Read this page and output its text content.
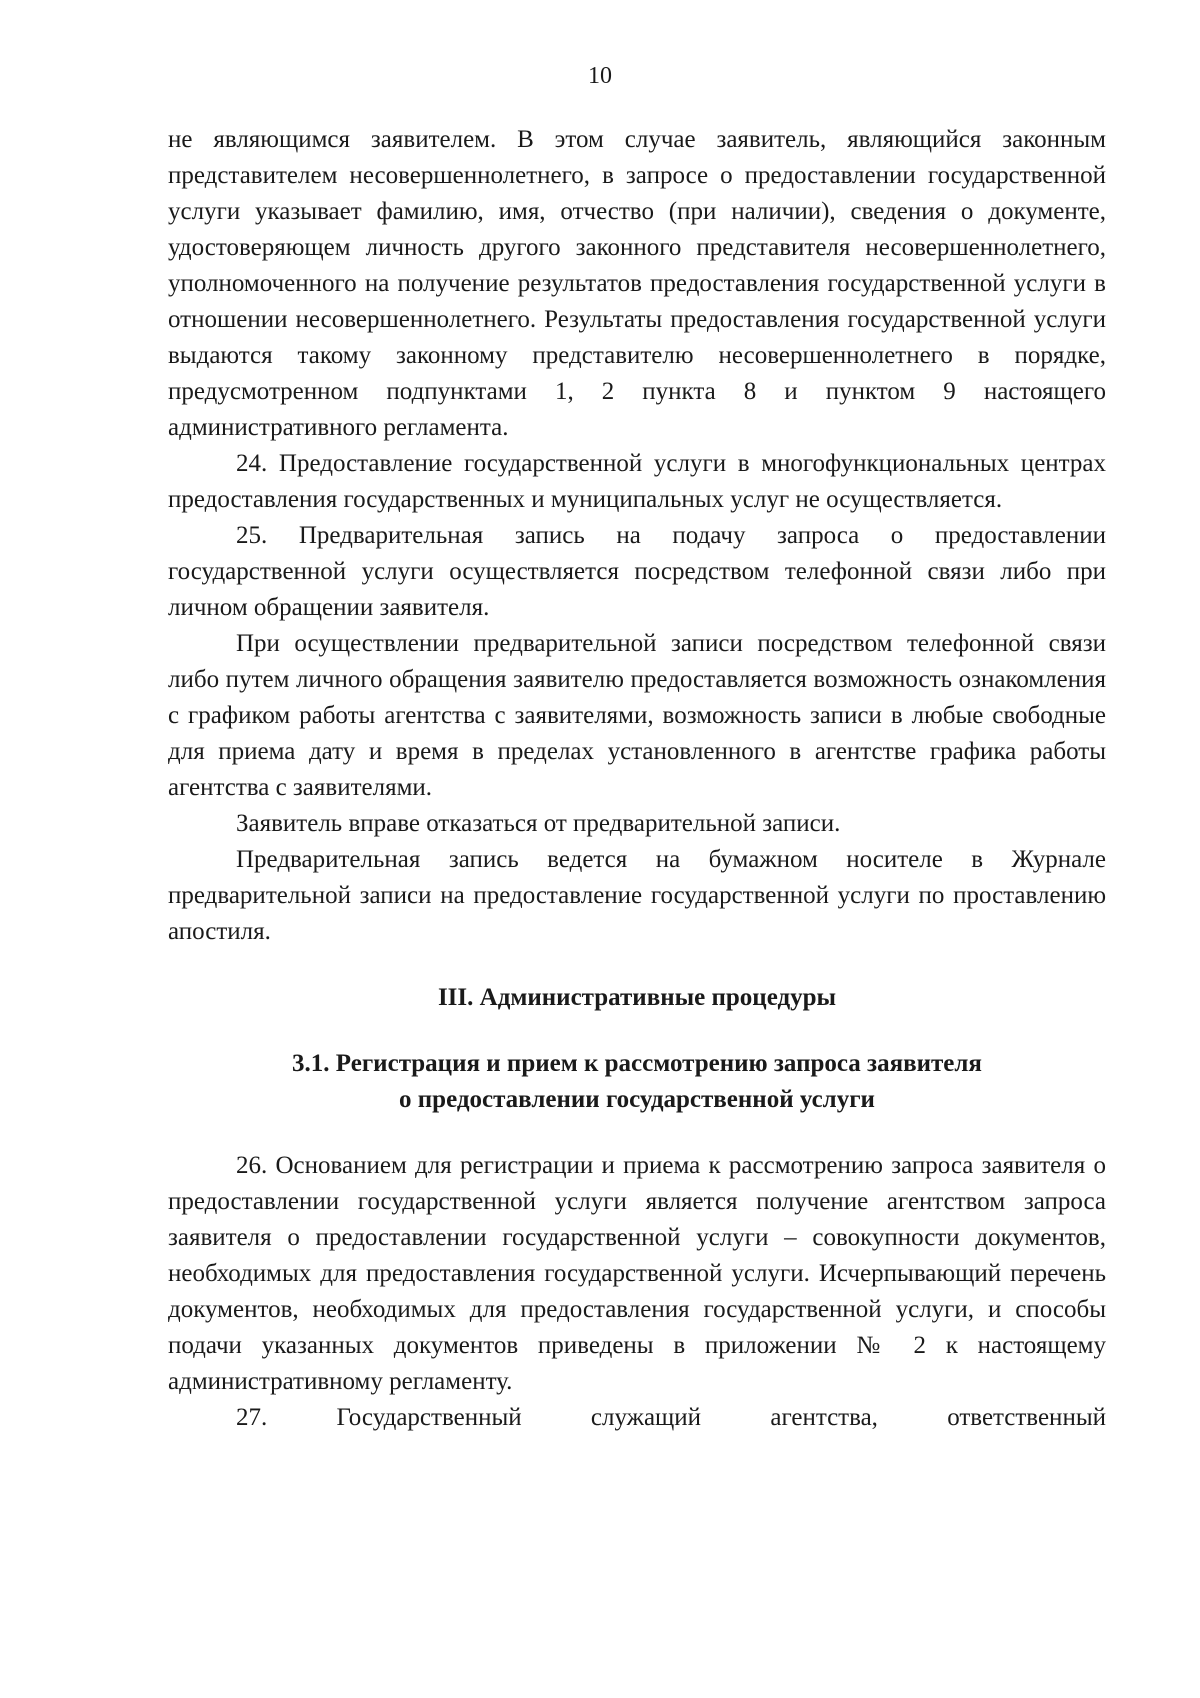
10

не являющимся заявителем. В этом случае заявитель, являющийся законным представителем несовершеннолетнего, в запросе о предоставлении государственной услуги указывает фамилию, имя, отчество (при наличии), сведения о документе, удостоверяющем личность другого законного представителя несовершеннолетнего, уполномоченного на получение результатов предоставления государственной услуги в отношении несовершеннолетнего. Результаты предоставления государственной услуги выдаются такому законному представителю несовершеннолетнего в порядке, предусмотренном подпунктами 1, 2 пункта 8 и пунктом 9 настоящего административного регламента.

24. Предоставление государственной услуги в многофункциональных центрах предоставления государственных и муниципальных услуг не осуществляется.

25. Предварительная запись на подачу запроса о предоставлении государственной услуги осуществляется посредством телефонной связи либо при личном обращении заявителя.

При осуществлении предварительной записи посредством телефонной связи либо путем личного обращения заявителю предоставляется возможность ознакомления с графиком работы агентства с заявителями, возможность записи в любые свободные для приема дату и время в пределах установленного в агентстве графика работы агентства с заявителями.

Заявитель вправе отказаться от предварительной записи.

Предварительная запись ведется на бумажном носителе в Журнале предварительной записи на предоставление государственной услуги по проставлению апостиля.

III. Административные процедуры
3.1. Регистрация и прием к рассмотрению запроса заявителя
о предоставлении государственной услуги

26. Основанием для регистрации и приема к рассмотрению запроса заявителя о предоставлении государственной услуги является получение агентством запроса заявителя о предоставлении государственной услуги – совокупности документов, необходимых для предоставления государственной услуги. Исчерпывающий перечень документов, необходимых для предоставления государственной услуги, и способы подачи указанных документов приведены в приложении № 2 к настоящему административному регламенту.

27. Государственный служащий агентства, ответственный
